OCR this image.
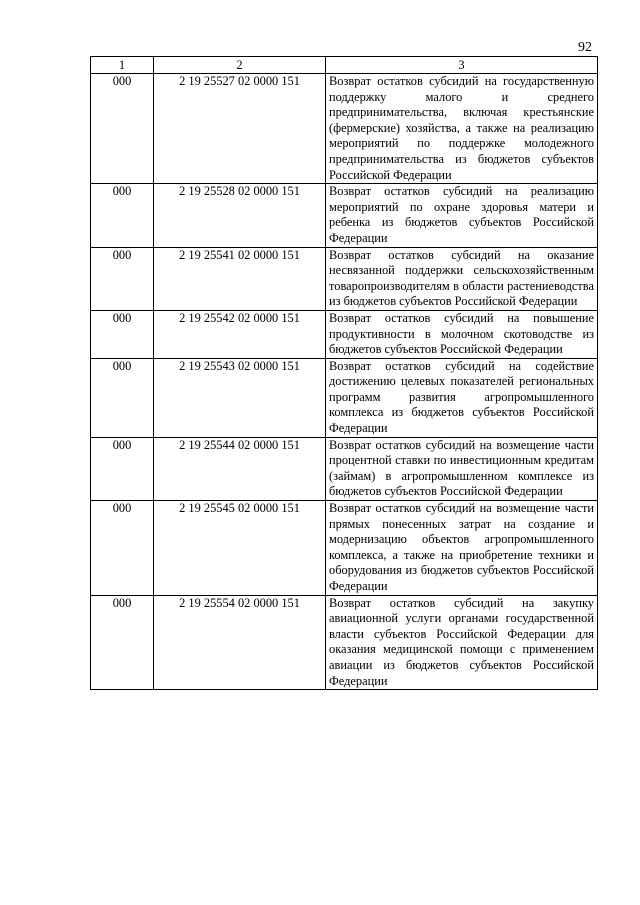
92
1	2	3
000	2 19 25527 02 0000 151	Возврат остатков субсидий на государственную поддержку малого и среднего предпринимательства, включая крестьянские (фермерские) хозяйства, а также на реализацию мероприятий по поддержке молодежного предпринимательства из бюджетов субъектов Российской Федерации
000	2 19 25528 02 0000 151	Возврат остатков субсидий на реализацию мероприятий по охране здоровья матери и ребенка из бюджетов субъектов Российской Федерации
000	2 19 25541 02 0000 151	Возврат остатков субсидий на оказание несвязанной поддержки сельскохозяйственным товаропроизводителям в области растениеводства из бюджетов субъектов Российской Федерации
000	2 19 25542 02 0000 151	Возврат остатков субсидий на повышение продуктивности в молочном скотоводстве из бюджетов субъектов Российской Федерации
000	2 19 25543 02 0000 151	Возврат остатков субсидий на содействие достижению целевых показателей региональных программ развития агропромышленного комплекса из бюджетов субъектов Российской Федерации
000	2 19 25544 02 0000 151	Возврат остатков субсидий на возмещение части процентной ставки по инвестиционным кредитам (займам) в агропромышленном комплексе из бюджетов субъектов Российской Федерации
000	2 19 25545 02 0000 151	Возврат остатков субсидий на возмещение части прямых понесенных затрат на создание и модернизацию объектов агропромышленного комплекса, а также на приобретение техники и оборудования из бюджетов субъектов Российской Федерации
000	2 19 25554 02 0000 151	Возврат остатков субсидий на закупку авиационной услуги органами государственной власти субъектов Российской Федерации для оказания медицинской помощи с применением авиации из бюджетов субъектов Российской Федерации
